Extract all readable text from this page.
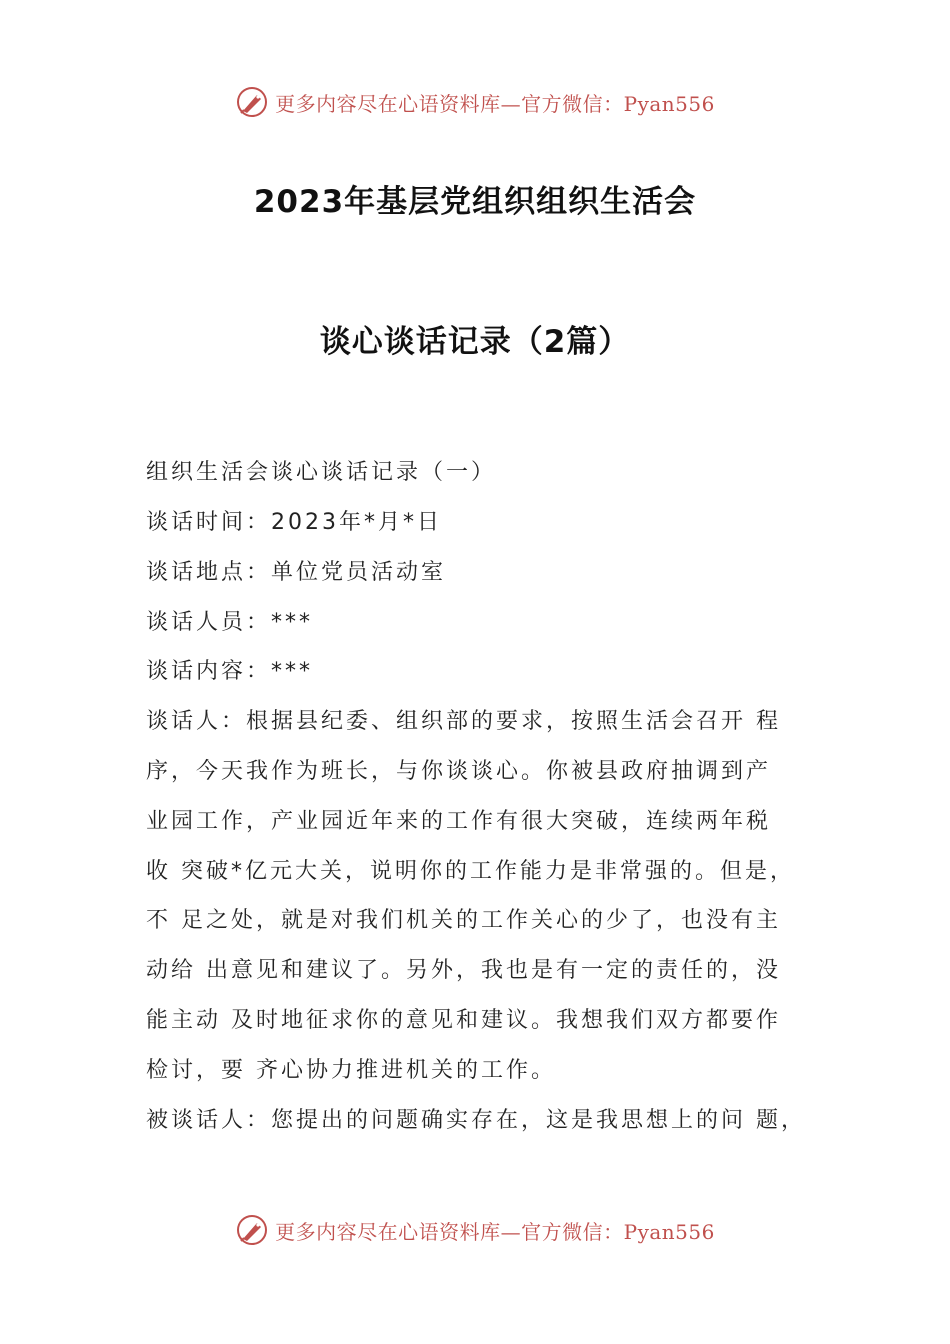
更多内容尽在心语资料库—官方微信：Pyan556
2023年基层党组织组织生活会
谈心谈话记录（2篇）
组织生活会谈心谈话记录（一）
谈话时间：2023年*月*日
谈话地点：单位党员活动室
谈话人员：***
谈话内容：***
谈话人：根据县纪委、组织部的要求，按照生活会召开 程
序，今天我作为班长，与你谈谈心。你被县政府抽调到产
业园工作，产业园近年来的工作有很大突破，连续两年税
收 突破*亿元大关，说明你的工作能力是非常强的。但是，
不 足之处，就是对我们机关的工作关心的少了，也没有主
动给 出意见和建议了。另外，我也是有一定的责任的，没
能主动 及时地征求你的意见和建议。我想我们双方都要作
检讨，要 齐心协力推进机关的工作。
被谈话人：您提出的问题确实存在，这是我思想上的问 题，
更多内容尽在心语资料库—官方微信：Pyan556
